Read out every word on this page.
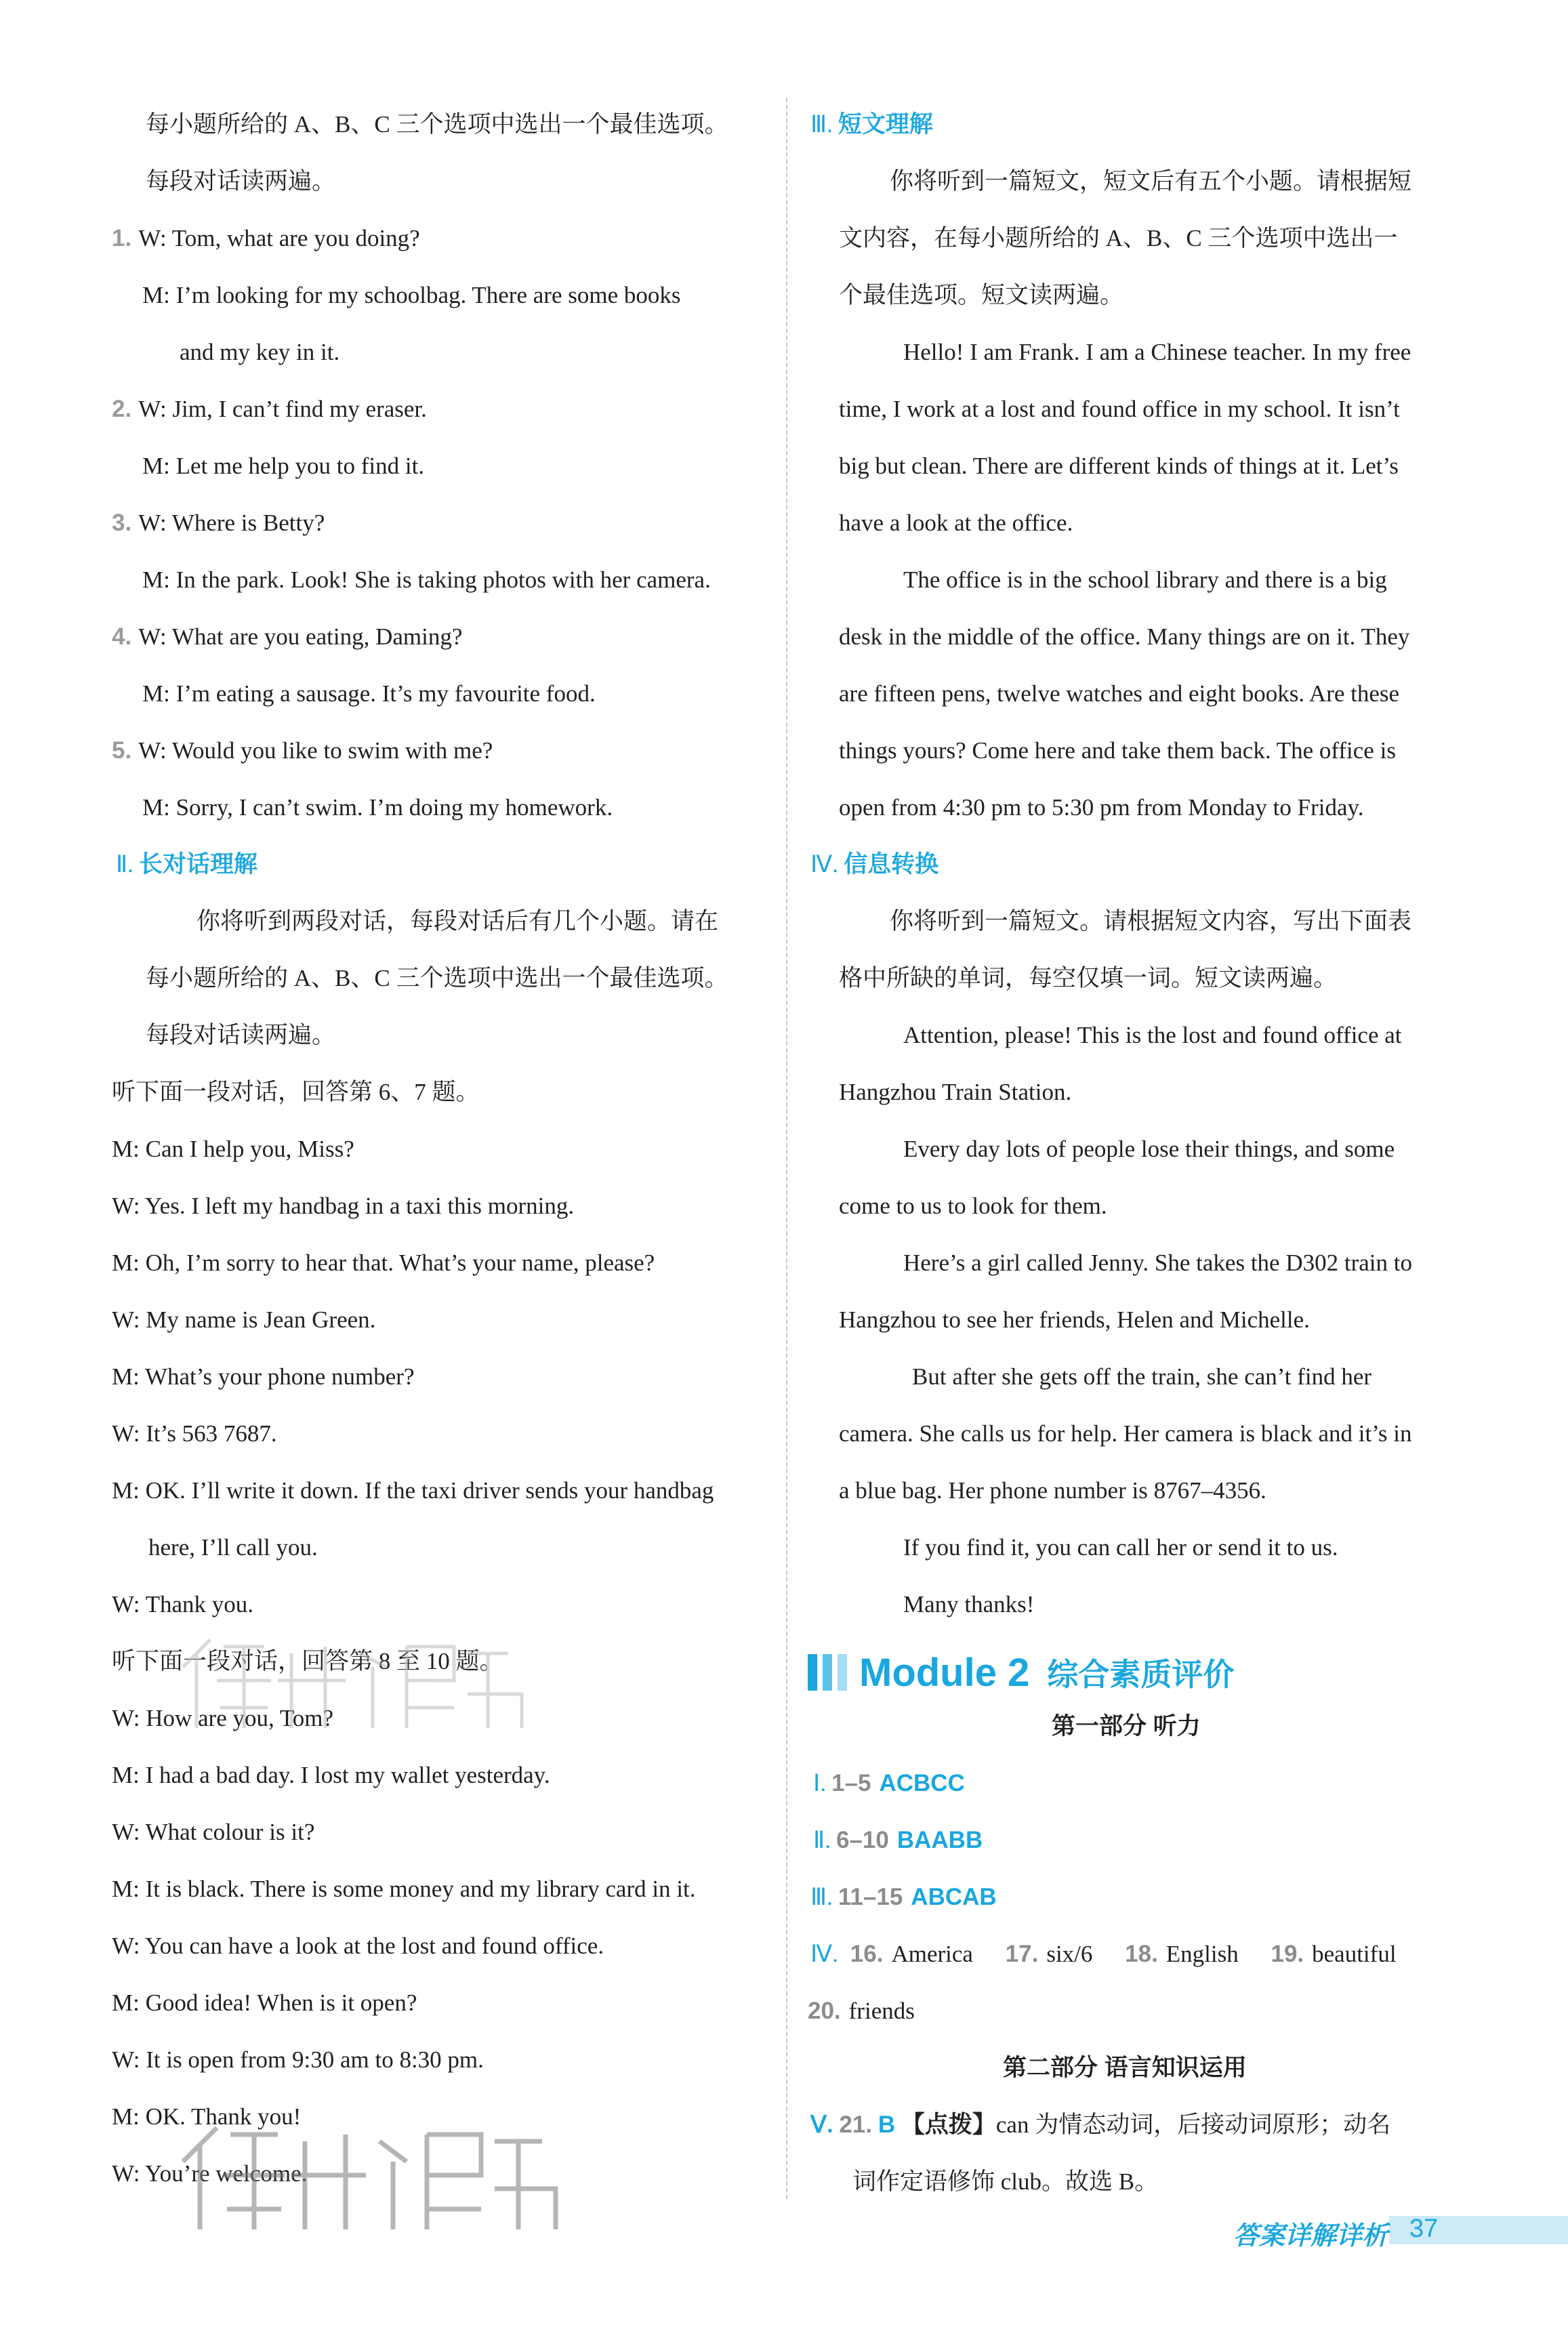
每小题所给的 A、B、C 三个选项中选出一个最佳选项。
每段对话读两遍。
1. W: Tom, what are you doing?
M: I’m looking for my schoolbag. There are some books
and my key in it.
2. W: Jim, I can’t find my eraser.
M: Let me help you to find it.
3. W: Where is Betty?
M: In the park. Look! She is taking photos with her camera.
4. W: What are you eating, Daming?
M: I’m eating a sausage. It’s my favourite food.
5. W: Would you like to swim with me?
M: Sorry, I can’t swim. I’m doing my homework.
Ⅱ. 长对话理解
你将听到两段对话，每段对话后有几个小题。请在
每小题所给的 A、B、C 三个选项中选出一个最佳选项。
每段对话读两遍。
听下面一段对话，回答第 6、7 题。
M: Can I help you, Miss?
W: Yes. I left my handbag in a taxi this morning.
M: Oh, I’m sorry to hear that. What’s your name, please?
W: My name is Jean Green.
M: What’s your phone number?
W: It’s 563 7687.
M: OK. I’ll write it down. If the taxi driver sends your handbag
here, I’ll call you.
W: Thank you.
听下面一段对话，回答第 8 至 10 题。
W: How are you, Tom?
M: I had a bad day. I lost my wallet yesterday.
W: What colour is it?
M: It is black. There is some money and my library card in it.
W: You can have a look at the lost and found office.
M: Good idea! When is it open?
W: It is open from 9:30 am to 8:30 pm.
M: OK. Thank you!
W: You’re welcome.
Ⅲ. 短文理解
你将听到一篇短文，短文后有五个小题。请根据短
文内容，在每小题所给的 A、B、C 三个选项中选出一
个最佳选项。短文读两遍。
Hello! I am Frank. I am a Chinese teacher. In my free
time, I work at a lost and found office in my school. It isn’t
big but clean. There are different kinds of things at it. Let’s
have a look at the office.
The office is in the school library and there is a big
desk in the middle of the office. Many things are on it. They
are fifteen pens, twelve watches and eight books. Are these
things yours? Come here and take them back. The office is
open from 4:30 pm to 5:30 pm from Monday to Friday.
Ⅳ. 信息转换
你将听到一篇短文。请根据短文内容，写出下面表
格中所缺的单词，每空仅填一词。短文读两遍。
Attention, please! This is the lost and found office at
Hangzhou Train Station.
Every day lots of people lose their things, and some
come to us to look for them.
Here’s a girl called Jenny. She takes the D302 train to
Hangzhou to see her friends, Helen and Michelle.
But after she gets off the train, she can’t find her
camera. She calls us for help. Her camera is black and it’s in
a blue bag. Her phone number is 8767–4356.
If you find it, you can call her or send it to us.
Many thanks!
Module 2 综合素质评价
第一部分 听力
Ⅰ. 1–5 ACBCC
Ⅱ. 6–10 BAABB
Ⅲ. 11–15 ABCAB
Ⅳ. 16. America 17. six/6 18. English 19. beautiful
20. friends
第二部分 语言知识运用
Ⅴ. 21. B 【点拨】can 为情态动词，后接动词原形；动名
词作定语修饰 club。故选 B。
答案详解详析 37
